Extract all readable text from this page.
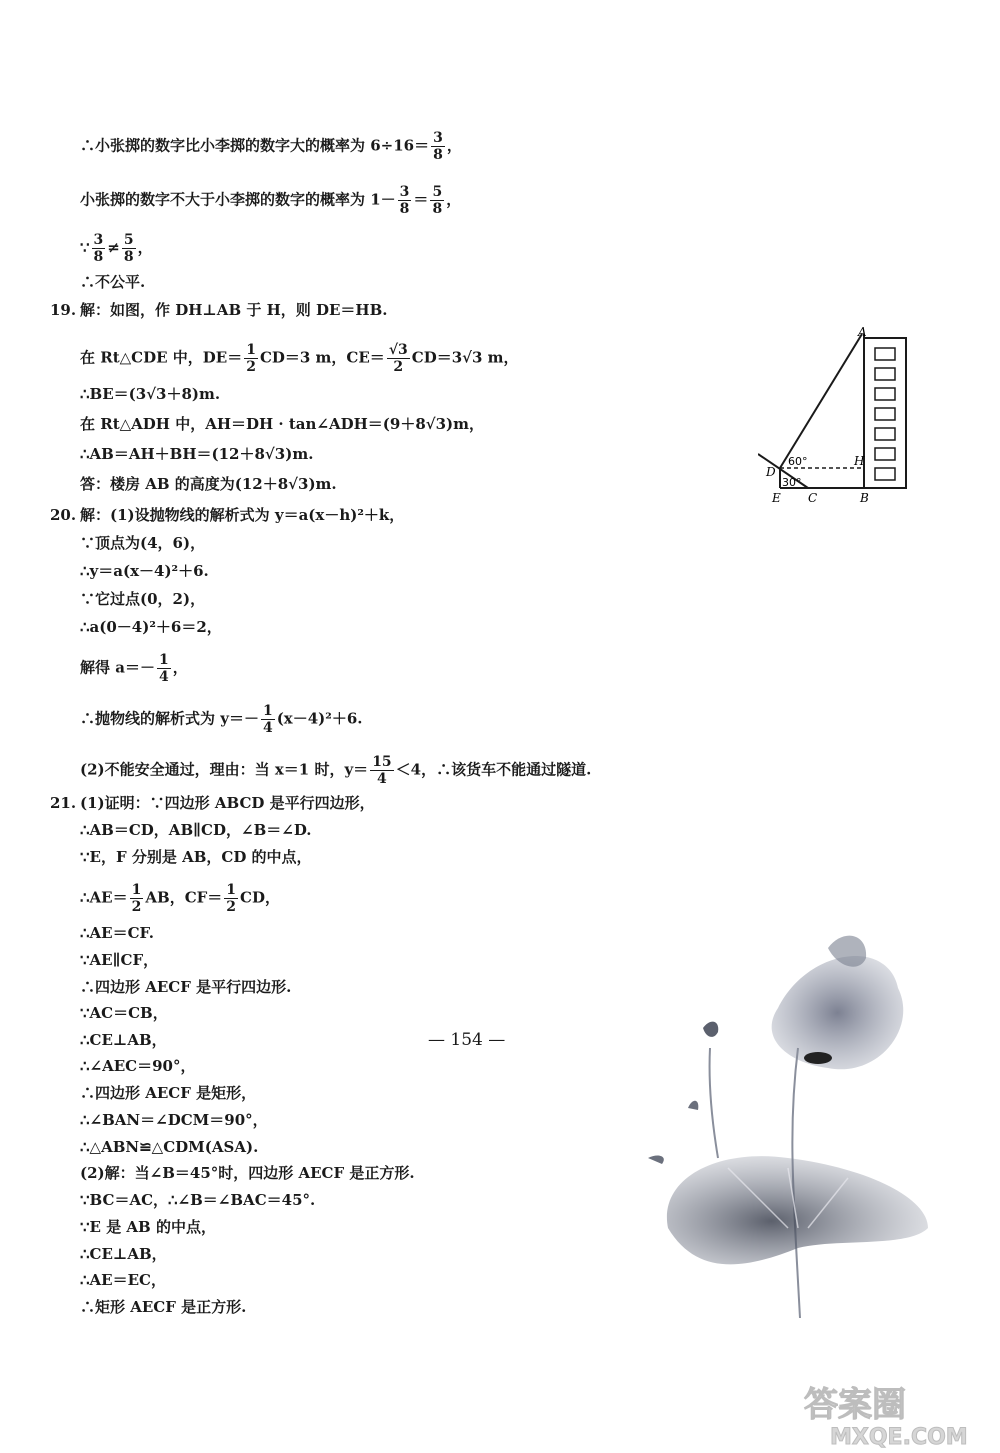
∴小张掷的数字比小李掷的数字大的概率为 $6\div 16= \frac{3}{8}$ ，
小张掷的数字不大于小李掷的数字的概率为 $1- \frac{3}{8} = \frac{5}{8}$ ，
∵ $\frac{3}{8} \ne \frac{5}{8}$ ，
∴不公平.
19. 解：如图，作 DH⊥AB 于 H，则 DE＝HB.
在 Rt△CDE 中，$DE= \frac{1}{2} CD=3$ m，$CE= \frac{√3}{2} CD=3√3$ m，
∴BE＝(3√3＋8)m.
在 Rt△ADH 中，AH＝DH · tan∠ADH＝(9＋8√3)m，
∴AB＝AH＋BH＝(12＋8√3)m.
答：楼房 AB 的高度为(12＋8√3)m.
A
D
H
E C	B
60°
30°
20. 解：(1)设抛物线的解析式为 y＝a(x－h)²＋k，
∵顶点为(4，6)，
∴y＝a(x－4)²＋6.
∵它过点(0，2)，
∴a(0－4)²＋6＝2，
解得 $a=- \frac{1}{4}$ ，
∴抛物线的解析式为 $y=- \frac{1}{4} (x-4)^2+6$.
(2)不能安全通过，理由：当 x＝1 时，$y= \frac{15}{4} <4$，∴该货车不能通过隧道.
21. (1)证明：∵四边形 ABCD 是平行四边形，
∴AB＝CD，AB∥CD，∠B＝∠D.
∵E，F 分别是 AB，CD 的中点，
∴AE＝ $\frac{1}{2}$ AB，$CF= \frac{1}{2}$ CD，
∴AE＝CF.
∵AE∥CF，
∴四边形 AECF 是平行四边形.
∵AC＝CB，
∴CE⊥AB，
∴∠AEC＝90°，
∴四边形 AECF 是矩形，
∴∠BAN＝∠DCM＝90°，
∴△ABN≌△CDM(ASA).
(2)解：当∠B＝45°时，四边形 AECF 是正方形.
∵BC＝AC，∴∠B＝∠BAC＝45°.
∵E 是 AB 的中点，
∴CE⊥AB，
∴AE＝EC，
∴矩形 AECF 是正方形.
— 154 —
答案圈
MXQE.COM
